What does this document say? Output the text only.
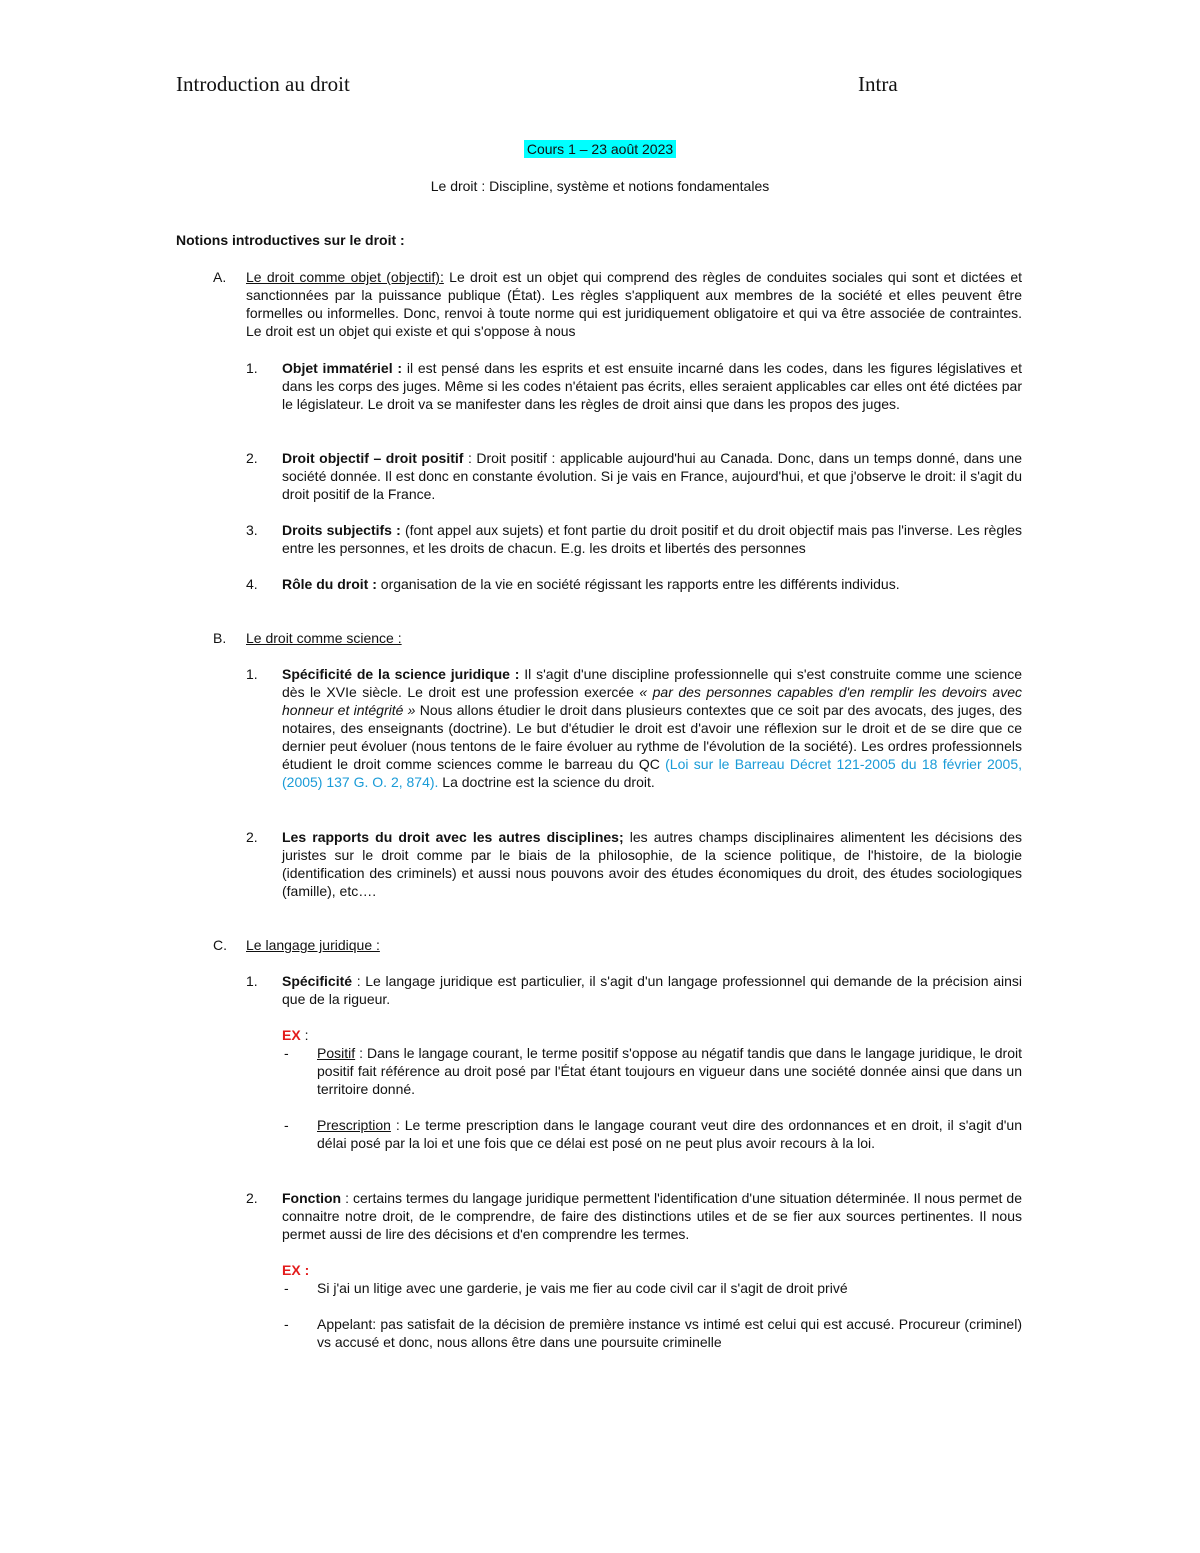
Introduction au droit	Intra
Cours 1 – 23 août 2023
Le droit : Discipline, système et notions fondamentales
Notions introductives sur le droit :
A. Le droit comme objet (objectif): Le droit est un objet qui comprend des règles de conduites sociales qui sont et dictées et sanctionnées par la puissance publique (État). Les règles s'appliquent aux membres de la société et elles peuvent être formelles ou informelles. Donc, renvoi à toute norme qui est juridiquement obligatoire et qui va être associée de contraintes. Le droit est un objet qui existe et qui s'oppose à nous
1. Objet immatériel : il est pensé dans les esprits et est ensuite incarné dans les codes, dans les figures législatives et dans les corps des juges. Même si les codes n'étaient pas écrits, elles seraient applicables car elles ont été dictées par le législateur. Le droit va se manifester dans les règles de droit ainsi que dans les propos des juges.
2. Droit objectif – droit positif : Droit positif : applicable aujourd'hui au Canada. Donc, dans un temps donné, dans une société donnée. Il est donc en constante évolution. Si je vais en France, aujourd'hui, et que j'observe le droit: il s'agit du droit positif de la France.
3. Droits subjectifs : (font appel aux sujets) et font partie du droit positif et du droit objectif mais pas l'inverse. Les règles entre les personnes, et les droits de chacun. E.g. les droits et libertés des personnes
4. Rôle du droit : organisation de la vie en société régissant les rapports entre les différents individus.
B. Le droit comme science :
1. Spécificité de la science juridique : Il s'agit d'une discipline professionnelle qui s'est construite comme une science dès le XVIe siècle. Le droit est une profession exercée « par des personnes capables d'en remplir les devoirs avec honneur et intégrité » Nous allons étudier le droit dans plusieurs contextes que ce soit par des avocats, des juges, des notaires, des enseignants (doctrine). Le but d'étudier le droit est d'avoir une réflexion sur le droit et de se dire que ce dernier peut évoluer (nous tentons de le faire évoluer au rythme de l'évolution de la société). Les ordres professionnels étudient le droit comme sciences comme le barreau du QC (Loi sur le Barreau Décret 121-2005 du 18 février 2005, (2005) 137 G. O. 2, 874). La doctrine est la science du droit.
2. Les rapports du droit avec les autres disciplines; les autres champs disciplinaires alimentent les décisions des juristes sur le droit comme par le biais de la philosophie, de la science politique, de l'histoire, de la biologie (identification des criminels) et aussi nous pouvons avoir des études économiques du droit, des études sociologiques (famille), etc….
C. Le langage juridique :
1. Spécificité : Le langage juridique est particulier, il s'agit d'un langage professionnel qui demande de la précision ainsi que de la rigueur.
EX :
- Positif : Dans le langage courant, le terme positif s'oppose au négatif tandis que dans le langage juridique, le droit positif fait référence au droit posé par l'État étant toujours en vigueur dans une société donnée ainsi que dans un territoire donné.
- Prescription : Le terme prescription dans le langage courant veut dire des ordonnances et en droit, il s'agit d'un délai posé par la loi et une fois que ce délai est posé on ne peut plus avoir recours à la loi.
2. Fonction : certains termes du langage juridique permettent l'identification d'une situation déterminée. Il nous permet de connaitre notre droit, de le comprendre, de faire des distinctions utiles et de se fier aux sources pertinentes. Il nous permet aussi de lire des décisions et d'en comprendre les termes.
EX :
- Si j'ai un litige avec une garderie, je vais me fier au code civil car il s'agit de droit privé
- Appelant: pas satisfait de la décision de première instance vs intimé est celui qui est accusé. Procureur (criminel) vs accusé et donc, nous allons être dans une poursuite criminelle
